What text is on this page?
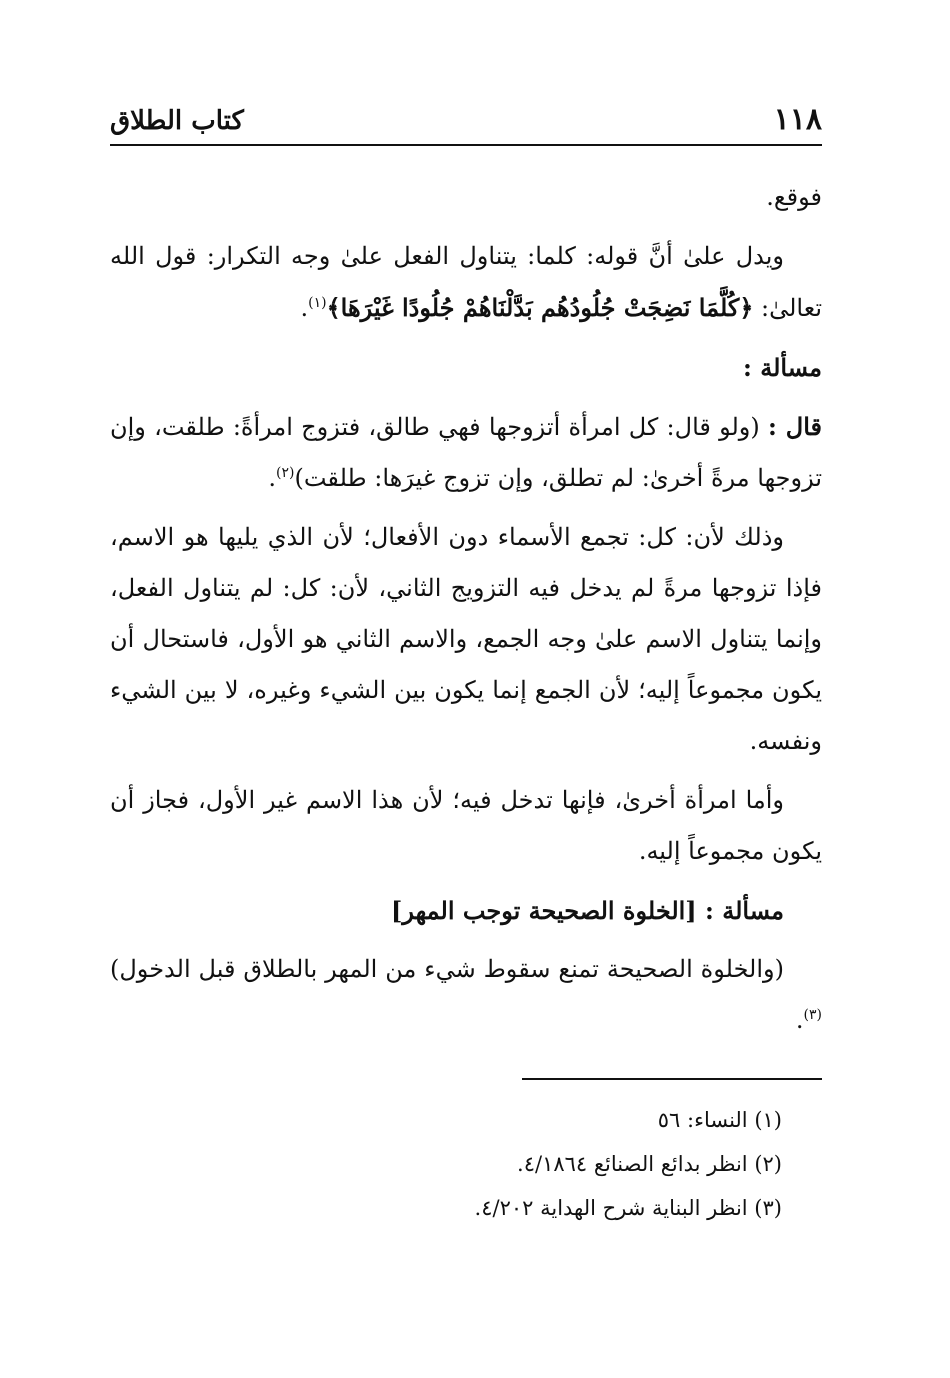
١١٨
كتاب الطلاق

فوقع.

ويدل علىٰ أنَّ قوله: كلما: يتناول الفعل علىٰ وجه التكرار: قول الله تعالىٰ: ﴿كُلَّمَا نَضِجَتْ جُلُودُهُم بَدَّلْنَاهُمْ جُلُودًا غَيْرَهَا﴾$^{(١)}$.

مسألة :

قال : (ولو قال: كل امرأة أتزوجها فهي طالق، فتزوج امرأةً: طلقت، وإن تزوجها مرةً أخرىٰ: لم تطلق، وإن تزوج غيرَها: طلقت)$^{(٢)}$.

وذلك لأن: كل: تجمع الأسماء دون الأفعال؛ لأن الذي يليها هو الاسم، فإذا تزوجها مرةً لم يدخل فيه التزويج الثاني، لأن: كل: لم يتناول الفعل، وإنما يتناول الاسم علىٰ وجه الجمع، والاسم الثاني هو الأول، فاستحال أن يكون مجموعاً إليه؛ لأن الجمع إنما يكون بين الشيء وغيره، لا بين الشيء ونفسه.

وأما امرأة أخرىٰ، فإنها تدخل فيه؛ لأن هذا الاسم غير الأول، فجاز أن يكون مجموعاً إليه.

مسألة : [الخلوة الصحيحة توجب المهر]

(والخلوة الصحيحة تمنع سقوط شيء من المهر بالطلاق قبل الدخول)$^{(٣)}$.

(١) النساء: ٥٦

(٢) انظر بدائع الصنائع ٤/١٨٦٤.

(٣) انظر البناية شرح الهداية ٤/٢٠٢.
